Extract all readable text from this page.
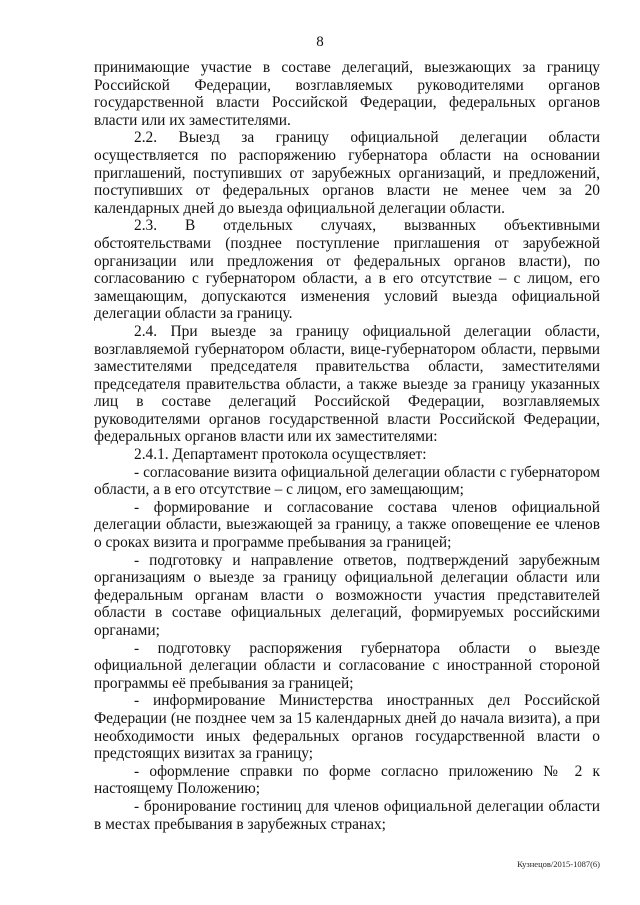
8

принимающие участие в составе делегаций, выезжающих за границу Российской Федерации, возглавляемых руководителями органов государственной власти Российской Федерации, федеральных органов власти или их заместителями.

2.2. Выезд за границу официальной делегации области осуществляется по распоряжению губернатора области на основании приглашений, поступивших от зарубежных организаций, и предложений, поступивших от федеральных органов власти не менее чем за 20 календарных дней до выезда официальной делегации области.

2.3. В отдельных случаях, вызванных объективными обстоятельствами (позднее поступление приглашения от зарубежной организации или предложения от федеральных органов власти), по согласованию с губернатором области, а в его отсутствие – с лицом, его замещающим, допускаются изменения условий выезда официальной делегации области за границу.

2.4. При выезде за границу официальной делегации области, возглавляемой губернатором области, вице-губернатором области, первыми заместителями председателя правительства области, заместителями председателя правительства области, а также выезде за границу указанных лиц в составе делегаций Российской Федерации, возглавляемых руководителями органов государственной власти Российской Федерации, федеральных органов власти или их заместителями:

2.4.1. Департамент протокола осуществляет:

- согласование визита официальной делегации области с губернатором области, а в его отсутствие – с лицом, его замещающим;

- формирование и согласование состава членов официальной делегации области, выезжающей за границу, а также оповещение ее членов о сроках визита и программе пребывания за границей;

- подготовку и направление ответов, подтверждений зарубежным организациям о выезде за границу официальной делегации области или федеральным органам власти о возможности участия представителей области в составе официальных делегаций, формируемых российскими органами;

- подготовку распоряжения губернатора области о выезде официальной делегации области и согласование с иностранной стороной программы её пребывания за границей;

- информирование Министерства иностранных дел Российской Федерации (не позднее чем за 15 календарных дней до начала визита), а при необходимости иных федеральных органов государственной власти о предстоящих визитах за границу;

- оформление справки по форме согласно приложению № 2 к настоящему Положению;

- бронирование гостиниц для членов официальной делегации области в местах пребывания в зарубежных странах;

Кузнецов/2015-1087(6)
